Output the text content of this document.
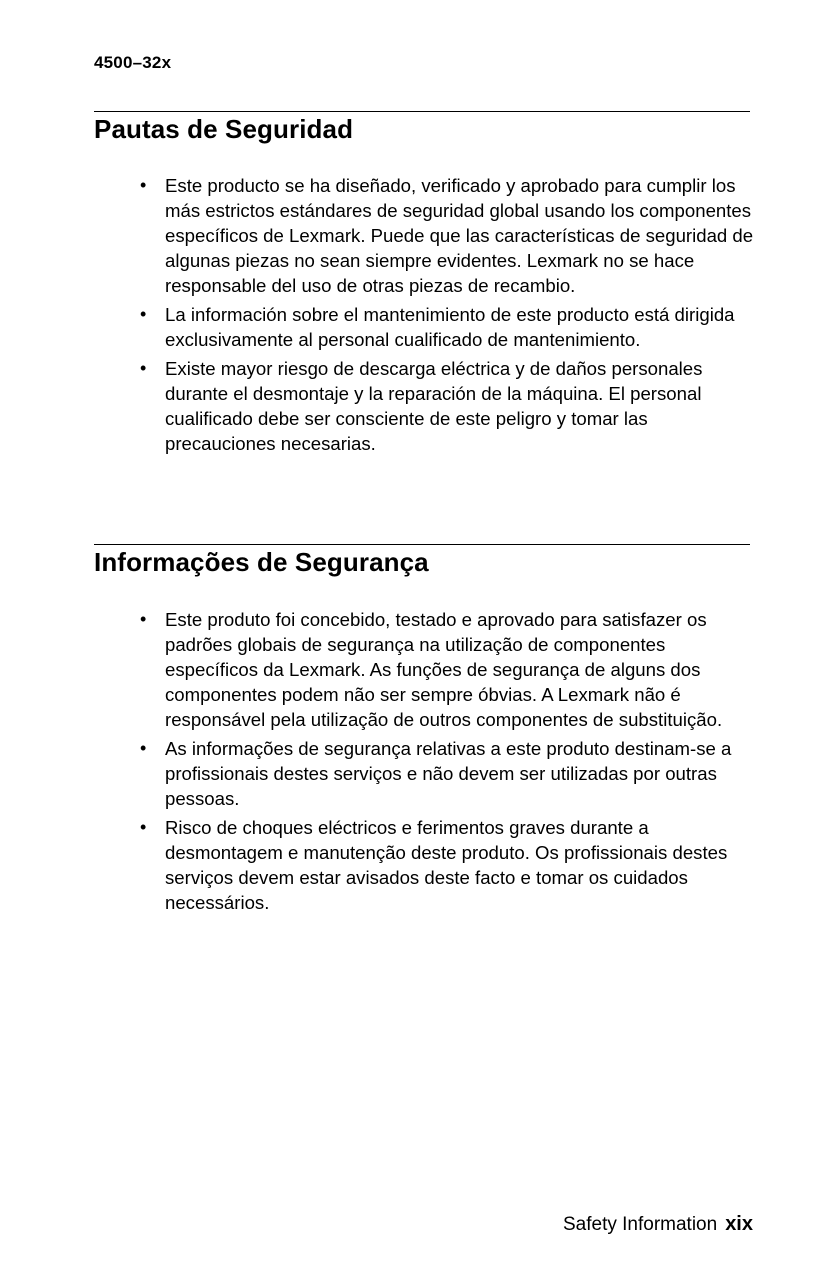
4500–32x
Pautas de Seguridad
• Este producto se ha diseñado, verificado y aprobado para cumplir los más estrictos estándares de seguridad global usando los componentes específicos de Lexmark. Puede que las características de seguridad de algunas piezas no sean siempre evidentes. Lexmark no se hace responsable del uso de otras piezas de recambio.
• La información sobre el mantenimiento de este producto está dirigida exclusivamente al personal cualificado de mantenimiento.
• Existe mayor riesgo de descarga eléctrica y de daños personales durante el desmontaje y la reparación de la máquina. El personal cualificado debe ser consciente de este peligro y tomar las precauciones necesarias.
Informações de Segurança
• Este produto foi concebido, testado e aprovado para satisfazer os padrões globais de segurança na utilização de componentes específicos da Lexmark. As funções de segurança de alguns dos componentes podem não ser sempre óbvias. A Lexmark não é responsável pela utilização de outros componentes de substituição.
• As informações de segurança relativas a este produto destinam-se a profissionais destes serviços e não devem ser utilizadas por outras pessoas.
• Risco de choques eléctricos e ferimentos graves durante a desmontagem e manutenção deste produto. Os profissionais destes serviços devem estar avisados deste facto e tomar os cuidados necessários.
Safety Information xix
